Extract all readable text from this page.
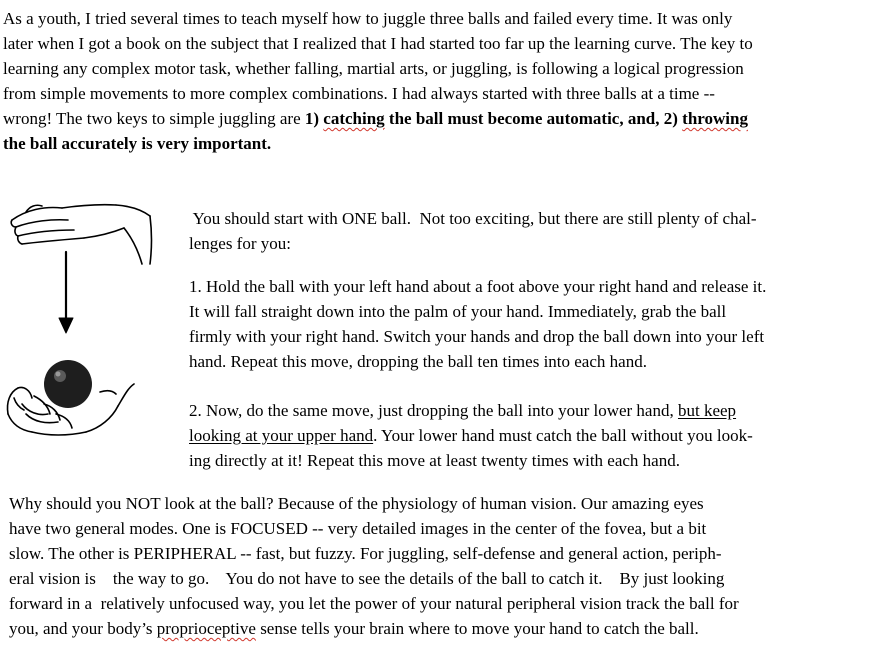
As a youth, I tried several times to teach myself how to juggle three balls and failed every time. It was only

later when I got a book on the subject that I realized that I had started too far up the learning curve. The key to

learning any complex motor task, whether falling, martial arts, or juggling, is following a logical progression

from simple movements to more complex combinations. I had always started with three balls at a time --

wrong! The two keys to simple juggling are 1) catching the ball must become automatic, and, 2) throwing

the ball accurately is very important.

You should start with ONE ball.  Not too exciting, but there are still plenty of chal-

lenges for you:

1. Hold the ball with your left hand about a foot above your right hand and release it.

It will fall straight down into the palm of your hand. Immediately, grab the ball

firmly with your right hand. Switch your hands and drop the ball down into your left

hand. Repeat this move, dropping the ball ten times into each hand.

2. Now, do the same move, just dropping the ball into your lower hand, but keep

looking at your upper hand. Your lower hand must catch the ball without you look-

ing directly at it! Repeat this move at least twenty times with each hand.

Why should you NOT look at the ball? Because of the physiology of human vision. Our amazing eyes

have two general modes. One is FOCUSED -- very detailed images in the center of the fovea, but a bit

slow. The other is PERIPHERAL -- fast, but fuzzy. For juggling, self-defense and general action, periph-

eral vision is    the way to go.    You do not have to see the details of the ball to catch it.    By just looking

forward in a  relatively unfocused way, you let the power of your natural peripheral vision track the ball for

you, and your body’s proprioceptive sense tells your brain where to move your hand to catch the ball.
